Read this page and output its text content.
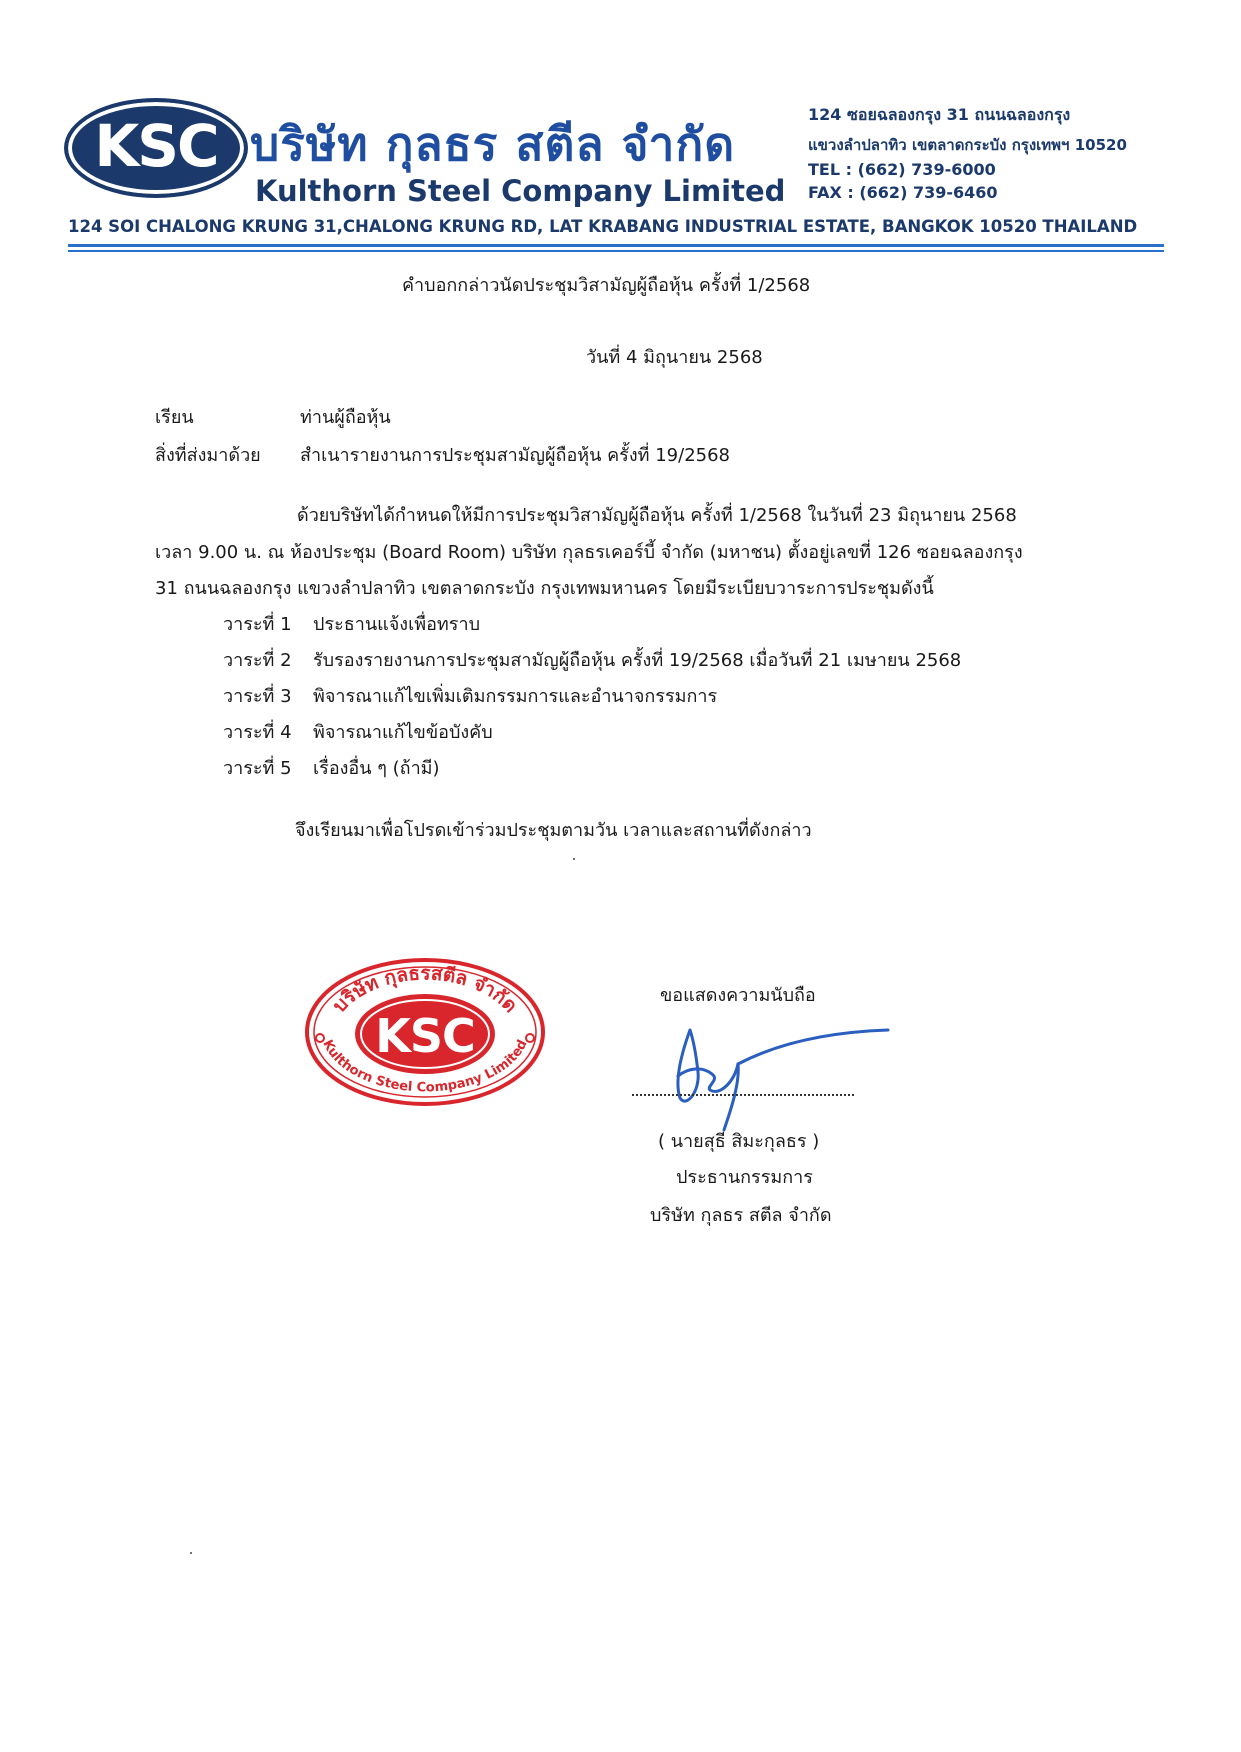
KSC บริษัท กุลธร สตีล จำกัด
Kulthorn Steel Company Limited
124 ซอยฉลองกรุง 31 ถนนฉลองกรุง
แขวงลำปลาทิว เขตลาดกระบัง กรุงเทพฯ 10520
TEL : (662) 739-6000
FAX : (662) 739-6460
124 SOI CHALONG KRUNG 31,CHALONG KRUNG RD, LAT KRABANG INDUSTRIAL ESTATE, BANGKOK 10520 THAILAND
คำบอกกล่าวนัดประชุมวิสามัญผู้ถือหุ้น ครั้งที่ 1/2568
วันที่ 4 มิถุนายน 2568
เรียน	ท่านผู้ถือหุ้น
สิ่งที่ส่งมาด้วย สำเนารายงานการประชุมสามัญผู้ถือหุ้น ครั้งที่ 19/2568
ด้วยบริษัทได้กำหนดให้มีการประชุมวิสามัญผู้ถือหุ้น ครั้งที่ 1/2568 ในวันที่ 23 มิถุนายน 2568
เวลา 9.00 น. ณ ห้องประชุม (Board Room) บริษัท กุลธรเคอร์บี้ จำกัด (มหาชน) ตั้งอยู่เลขที่ 126 ซอยฉลองกรุง
31 ถนนฉลองกรุง แขวงลำปลาทิว เขตลาดกระบัง กรุงเทพมหานคร โดยมีระเบียบวาระการประชุมดังนี้
วาระที่ 1 ประธานแจ้งเพื่อทราบ
วาระที่ 2 รับรองรายงานการประชุมสามัญผู้ถือหุ้น ครั้งที่ 19/2568 เมื่อวันที่ 21 เมษายน 2568
วาระที่ 3 พิจารณาแก้ไขเพิ่มเติมกรรมการและอำนาจกรรมการ
วาระที่ 4 พิจารณาแก้ไขข้อบังคับ
วาระที่ 5 เรื่องอื่น ๆ (ถ้ามี)
จึงเรียนมาเพื่อโปรดเข้าร่วมประชุมตามวัน เวลาและสถานที่ดังกล่าว
บริษัท กุลธรสตีล จำกัด
KSC
Kulthorn Steel Company Limited
ขอแสดงความนับถือ
( นายสุธี สิมะกุลธร )
ประธานกรรมการ
บริษัท กุลธร สตีล จำกัด
